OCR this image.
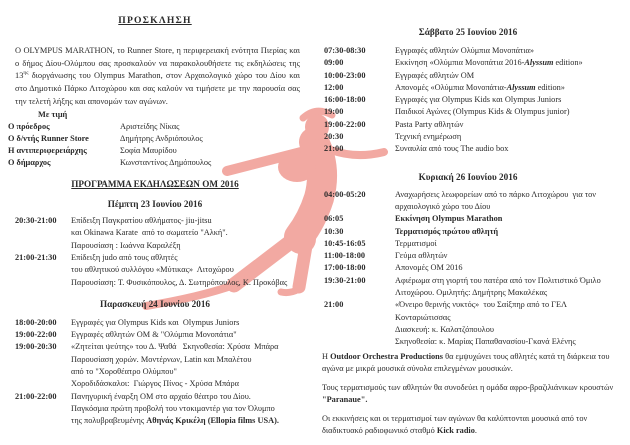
ΠΡΟΣΚΛΗΣΗ

Ο OLYMPUS MARATHON, το Runner Store, η περιφερειακή ενότητα Πιερίας και ο δήμος Δίου-Ολύμπου σας προσκαλούν να παρακολουθήσετε τις εκδηλώσεις της $13^{\eta\varsigma}$ διοργάνωσης του Olympus Marathon, στον Αρχαιολογικό χώρο του Δίου και στο Δημοτικό Πάρκο Λιτοχώρου και σας καλούν να τιμήσετε με την παρουσία σας την τελετή λήξης και απονομών των αγώνων.

Με τιμή
Ο πρόεδρος	Αριστείδης Νίκας
Ο δ/ντής Runner Store	Δημήτρης Ανδριόπουλος
Η αντιπεριφερειάρχης	Σοφία Μαυρίδου
Ο δήμαρχος	Κωνσταντίνος Δημόπουλος
ΠΡΟΓΡΑΜΜΑ ΕΚΔΗΛΩΣΕΩΝ ΟΜ 2016
Πέμπτη 23 Ιουνίου 2016
20:30-21:00	Επίδειξη Παγκρατίου αθλήματος- jiu-jitsu
και Okinawa Karate  από το σωματείο "Αλκή".
Παρουσίαση : Ιωάννα Καραλέξη
21:00-21:30	Επίδειξη judo από τους αθλητές
του αθλητικού συλλόγου «Μύτικας»  Λιτοχώρου
Παρουσίαση: Τ. Φυσικόπουλος, Δ. Σωτηρόπουλος, Κ. Προκόβας
Παρασκευή 24 Ιουνίου 2016
18:00-20:00	Εγγραφές για Olympus Kids και  Olympus Juniors
19:00-22:00	Εγγραφές αθλητών ΟΜ & "Ολύμπια Μονοπάτια"
19:00-20:30	«Ζητείται ψεύτης» του Δ. Ψαθά   Σκηνοθεσία: Χρύσα  Μπάρα
Παρουσίαση χορών. Μοντέρνων, Latin και Μπαλέτου
από το "Χοροθέατρο Ολύμπου"
Χοροδιδάσκαλοι:  Γιώργος Πίνος - Χρύσα Μπάρα
21:00-22:00	Πανηγυρική έναρξη ΟΜ στο αρχαίο θέατρο του Δίου.
Παγκόσμια πρώτη προβολή του ντοκιμαντέρ για τον Όλυμπο
της πολυβραβευμένης Αθηνάς Κρικέλη (Ellopia films USA).
Σάββατο 25 Ιουνίου 2016
07:30-08:30	Εγγραφές αθλητών Ολύμπια Μονοπάτια»
09:00	Εκκίνηση «Ολύμπια Μονοπάτια 2016-Alyssum edition»
10:00-23:00	Εγγραφές αθλητών ΟΜ
12:00	Απονομές «Ολύμπια Μονοπάτια-Alyssum edition»
16:00-18:00	Εγγραφές για Olympus Kids και Olympus Juniors
19:00	Παιδικοί Αγώνες (Olympus Kids & Olympus junior)
19:00-22:00	Pasta Party αθλητών
20:30	Τεχνική ενημέρωση
21:00	Συναυλία από τους The audio box
Κυριακή 26 Ιουνίου 2016
04:00-05:20	Αναχωρήσεις λεωφορείων από το πάρκο Λιτοχώρου  για τον
αρχαιολογικό χώρο του Δίου
06:05	Εκκίνηση Olympus Marathon
10:30	Τερματισμός πρώτου αθλητή
10:45-16:05	Τερματισμοί
11:00-18:00	Γεύμα αθλητών
17:00-18:00	Απονομές ΟΜ 2016
19:30-21:00	Αφιέρωμα στη γιορτή του πατέρα από τον Πολιτιστικό Όμιλο
Λιτοχώρου. Ομιλητής: Δημήτρης Μακαλέκας
21:00	«Όνειρο θερινής νυκτός»  του Σαίξπηρ από το ΓΕΛ
Κονταριώτισσας
Διασκευή: κ. Καλατζόπουλου
Σκηνοθεσία: κ. Μαρίας Παπαθανασίου-Γκανά Ελένης

Η Outdoor Orchestra Productions θα εμψυχώνει τους αθλητές κατά τη διάρκεια του αγώνα με μικρά μουσικά σύνολα επιλεγμένων μουσικών.

Τους τερματισμούς των αθλητών θα συνοδεύει η ομάδα αφρο-βραζιλιάνικων κρουστών "Paranaue".

Οι εκκινήσεις και οι τερματισμοί των αγώνων θα καλύπτονται μουσικά από τον διαδικτυακό ραδιοφωνικό σταθμό Kick radio.
